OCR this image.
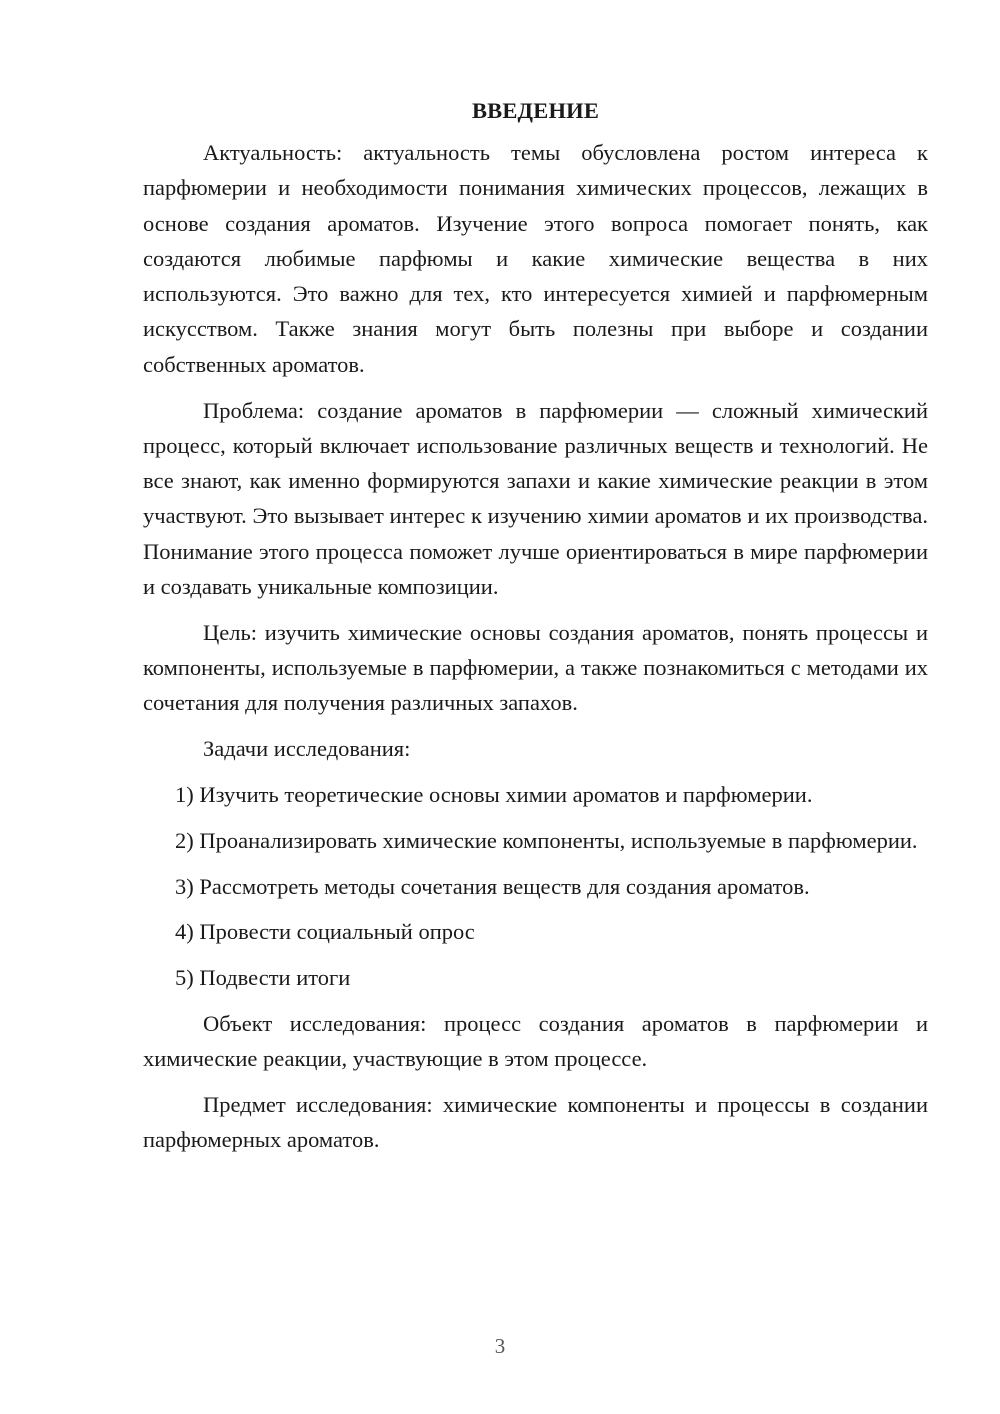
ВВЕДЕНИЕ

Актуальность: актуальность темы обусловлена ростом интереса к парфюмерии и необходимости понимания химических процессов, лежащих в основе создания ароматов. Изучение этого вопроса помогает понять, как создаются любимые парфюмы и какие химические вещества в них используются. Это важно для тех, кто интересуется химией и парфюмерным искусством. Также знания могут быть полезны при выборе и создании собственных ароматов.

Проблема: создание ароматов в парфюмерии — сложный химический процесс, который включает использование различных веществ и технологий. Не все знают, как именно формируются запахи и какие химические реакции в этом участвуют. Это вызывает интерес к изучению химии ароматов и их производства. Понимание этого процесса поможет лучше ориентироваться в мире парфюмерии и создавать уникальные композиции.

Цель: изучить химические основы создания ароматов, понять процессы и компоненты, используемые в парфюмерии, а также познакомиться с методами их сочетания для получения различных запахов.

Задачи исследования:

1) Изучить теоретические основы химии ароматов и парфюмерии.

2) Проанализировать химические компоненты, используемые в парфюмерии.

3) Рассмотреть методы сочетания веществ для создания ароматов.

4) Провести социальный опрос

5) Подвести итоги

Объект исследования: процесс создания ароматов в парфюмерии и химические реакции, участвующие в этом процессе.

Предмет исследования: химические компоненты и процессы в создании парфюмерных ароматов.

3
